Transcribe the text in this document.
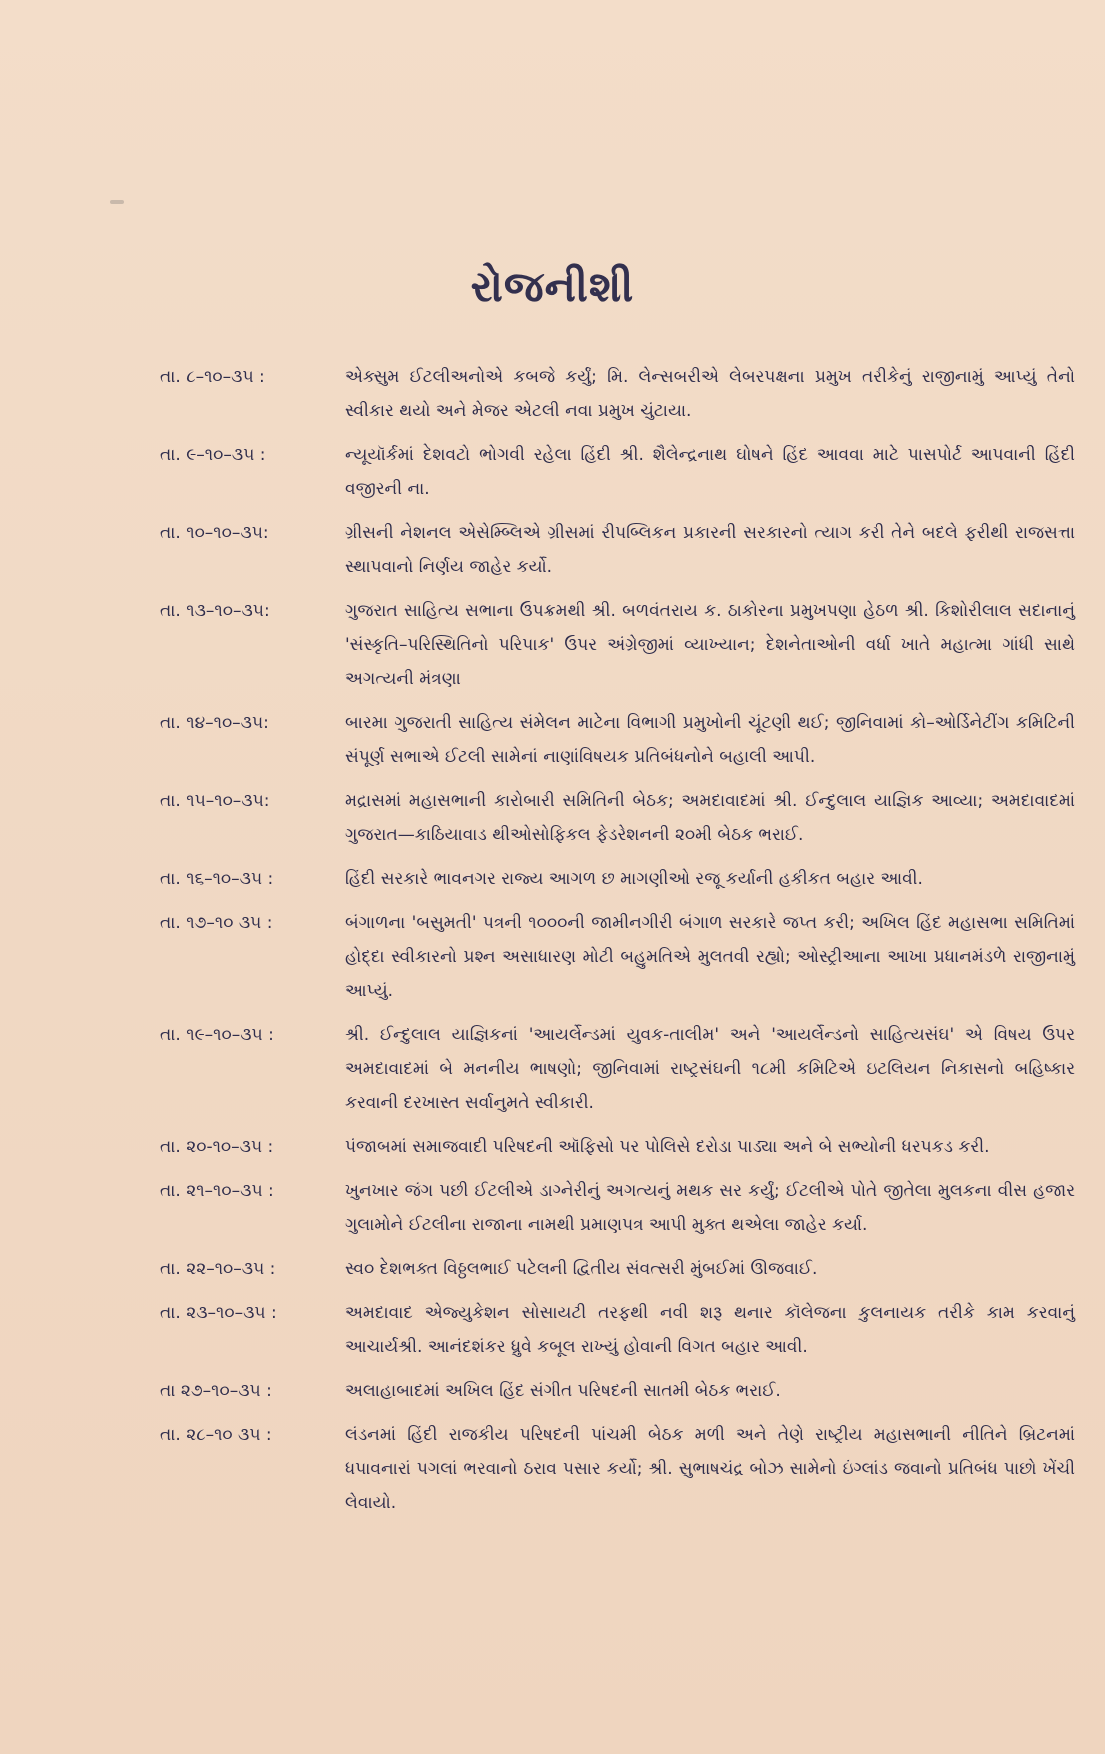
રોજનીશી
તા. ૮–૧૦–૩૫ :	એક્સુમ ઈટલીઅનોએ કબજે કર્યું; મિ. લેન્સબરીએ લેબરપક્ષના પ્રમુખ તરીકેનું રાજીનામું આપ્યું તેનો સ્વીકાર થયો અને મેજર એટલી નવા પ્રમુખ ચુંટાયા.
તા. ૯–૧૦–૩૫ :	ન્યૂયૉર્કમાં દેશવટો ભોગવી રહેલા હિંદી શ્રી. શૈલેન્દ્રનાથ ઘોષને હિંદ આવવા માટે પાસપોર્ટ આપવાની હિંદી વજીરની ના.
તા. ૧૦–૧૦–૩૫:	ગ્રીસની નેશનલ એસેમ્બ્લિએ ગ્રીસમાં રીપબ્લિકન પ્રકારની સરકારનો ત્યાગ કરી તેને બદલે ફરીથી રાજસત્તા સ્થાપવાનો નિર્ણય જાહેર કર્યો.
તા. ૧૩–૧૦–૩૫:	ગુજરાત સાહિત્ય સભાના ઉપક્રમથી શ્રી. બળવંતરાય ક. ઠાકોરના પ્રમુખપણા હેઠળ શ્રી. કિશોરીલાલ સદાનાનું 'સંસ્કૃતિ–પરિસ્થિતિનો પરિપાક' ઉપર અંગ્રેજીમાં વ્યાખ્યાન; દેશનેતાઓની વર્ધા ખાતે મહાત્મા ગાંધી સાથે અગત્યની મંત્રણા
તા. ૧૪–૧૦–૩૫:	બારમા ગુજરાતી સાહિત્ય સંમેલન માટેના વિભાગી પ્રમુખોની ચૂંટણી થઈ; જીનિવામાં કો–ઓર્ડિનેટીંગ કમિટિની સંપૂર્ણ સભાએ ઈટલી સામેનાં નાણાંવિષયક પ્રતિબંધનોને બહાલી આપી.
તા. ૧૫–૧૦–૩૫:	મદ્રાસમાં મહાસભાની કારોબારી સમિતિની બેઠક; અમદાવાદમાં શ્રી. ઈન્દુલાલ યાજ્ઞિક આવ્યા; અમદાવાદમાં ગુજરાત—કાઠિયાવાડ થીઓસોફિકલ ફેડરેશનની ૨૦મી બેઠક ભરાઈ.
તા. ૧૬–૧૦–૩૫ :	હિંદી સરકારે ભાવનગર રાજ્ય આગળ છ માગણીઓ રજૂ કર્યાની હકીકત બહાર આવી.
તા. ૧૭–૧૦ ૩૫ :	બંગાળના 'બસુમતી' પત્રની ૧૦૦૦ની જામીનગીરી બંગાળ સરકારે જપ્ત કરી; અખિલ હિંદ મહાસભા સમિતિમાં હોદ્દા સ્વીકારનો પ્રશ્ન અસાધારણ મોટી બહુમતિએ મુલતવી રહ્યો; ઓસ્ટ્રીઆના આખા પ્રધાનમંડળે રાજીનામું આપ્યું.
તા. ૧૯–૧૦–૩૫ :	શ્રી. ઈન્દુલાલ યાજ્ઞિકનાં 'આયર્લેન્ડમાં યુવક-તાલીમ' અને 'આયર્લેન્ડનો સાહિત્યસંઘ' એ વિષય ઉપર અમદાવાદમાં બે મનનીય ભાષણો; જીનિવામાં રાષ્ટ્રસંઘની ૧૮મી કમિટિએ ઇટલિયન નિકાસનો બહિષ્કાર કરવાની દરખાસ્ત સર્વાનુમતે સ્વીકારી.
તા. ૨૦-૧૦–૩૫ :	પંજાબમાં સમાજવાદી પરિષદની ઑફિસો પર પોલિસે દરોડા પાડ્યા અને બે સભ્યોની ધરપકડ કરી.
તા. ૨૧–૧૦–૩૫ :	ખુનખાર જંગ પછી ઈટલીએ ડાગ્નેરીનું અગત્યનું મથક સર કર્યું; ઈટલીએ પોતે જીતેલા મુલકના વીસ હજાર ગુલામોને ઈટલીના રાજાના નામથી પ્રમાણપત્ર આપી મુક્ત થએલા જાહેર કર્યા.
તા. ૨૨–૧૦–૩૫ :	સ્વ૦ દેશભક્ત વિઠ્ઠલભાઈ પટેલની દ્વિતીય સંવત્સરી મુંબઈમાં ઊજવાઈ.
તા. ૨૩–૧૦–૩૫ :	અમદાવાદ એજ્યુકેશન સોસાયટી તરફથી નવી શરૂ થનાર કૉલેજના કુલનાયક તરીકે કામ કરવાનું આચાર્યશ્રી. આનંદશંકર ધ્રુવે કબૂલ રાખ્યું હોવાની વિગત બહાર આવી.
તા ૨૭–૧૦–૩૫ :	અલાહાબાદમાં અખિલ હિંદ સંગીત પરિષદની સાતમી બેઠક ભરાઈ.
તા. ૨૮–૧૦ ૩૫ :	લંડનમાં હિંદી રાજકીય પરિષદની પાંચમી બેઠક મળી અને તેણે રાષ્ટ્રીય મહાસભાની નીતિને બ્રિટનમાં ધપાવનારાં પગલાં ભરવાનો ઠરાવ પસાર કર્યો; શ્રી. સુભાષચંદ્ર બોઝ સામેનો ઇંગ્લાંડ જવાનો પ્રતિબંધ પાછો ખેંચી લેવાયો.
